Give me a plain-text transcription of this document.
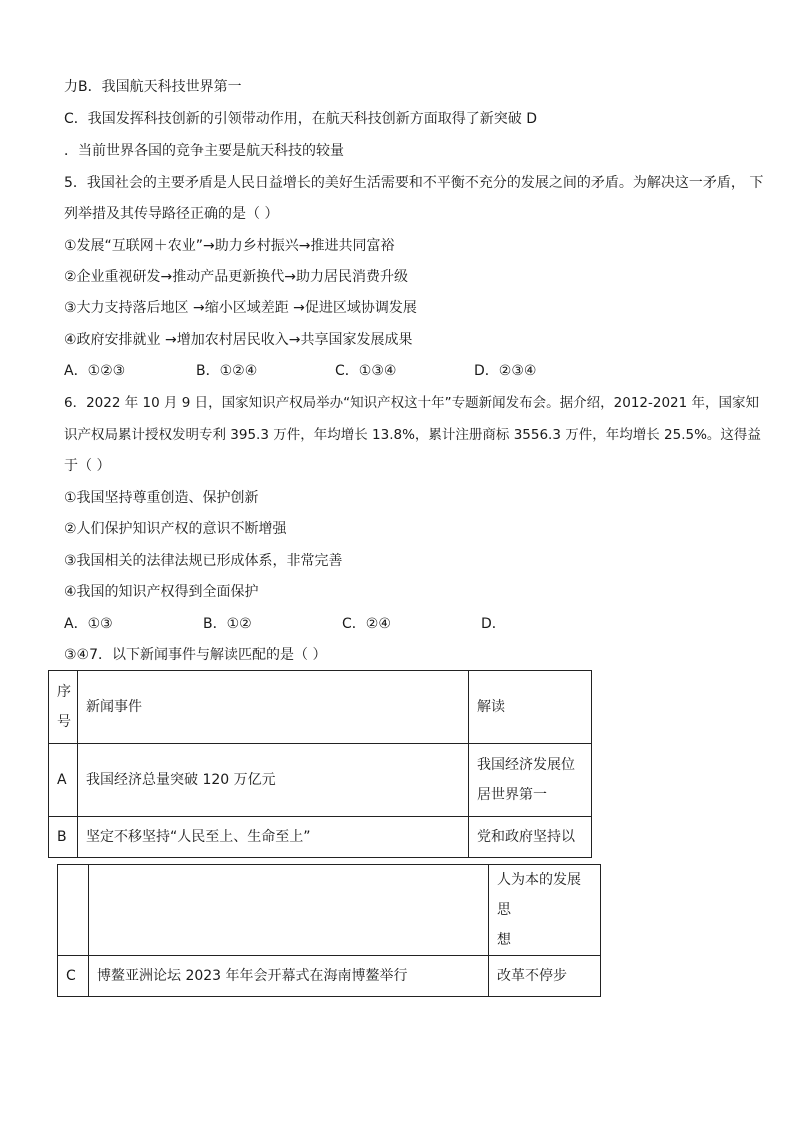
力B．我国航天科技世界第一
C．我国发挥科技创新的引领带动作用，在航天科技创新方面取得了新突破 D
．当前世界各国的竞争主要是航天科技的较量
5．我国社会的主要矛盾是人民日益增长的美好生活需要和不平衡不充分的发展之间的矛盾。为解决这一矛盾， 下
列举措及其传导路径正确的是（ ）
①发展“互联网＋农业”→助力乡村振兴→推进共同富裕
②企业重视研发→推动产品更新换代→助力居民消费升级
③大力支持落后地区 →缩小区域差距 →促进区域协调发展
④政府安排就业 →增加农村居民收入→共享国家发展成果
A．①②③	B．①②④	C．①③④	D．②③④
6．2022 年 10 月 9 日，国家知识产权局举办“知识产权这十年”专题新闻发布会。据介绍，2012-2021 年，国家知
识产权局累计授权发明专利 395.3 万件，年均增长 13.8%，累计注册商标 3556.3 万件，年均增长 25.5%。这得益
于（ ）
①我国坚持尊重创造、保护创新
②人们保护知识产权的意识不断增强
③我国相关的法律法规已形成体系，非常完善
④我国的知识产权得到全面保护
A．①③	B．①②	C．②④	D．
③④7．以下新闻事件与解读匹配的是（ ）
序
号	新闻事件	解读
A	我国经济总量突破 120 万亿元	我国经济发展位
居世界第一

B	坚定不移坚持“人民至上、生命至上”	党和政府坚持以

		人为本的发展思
想

C	博鳌亚洲论坛 2023 年年会开幕式在海南博鳌举行	改革不停步
